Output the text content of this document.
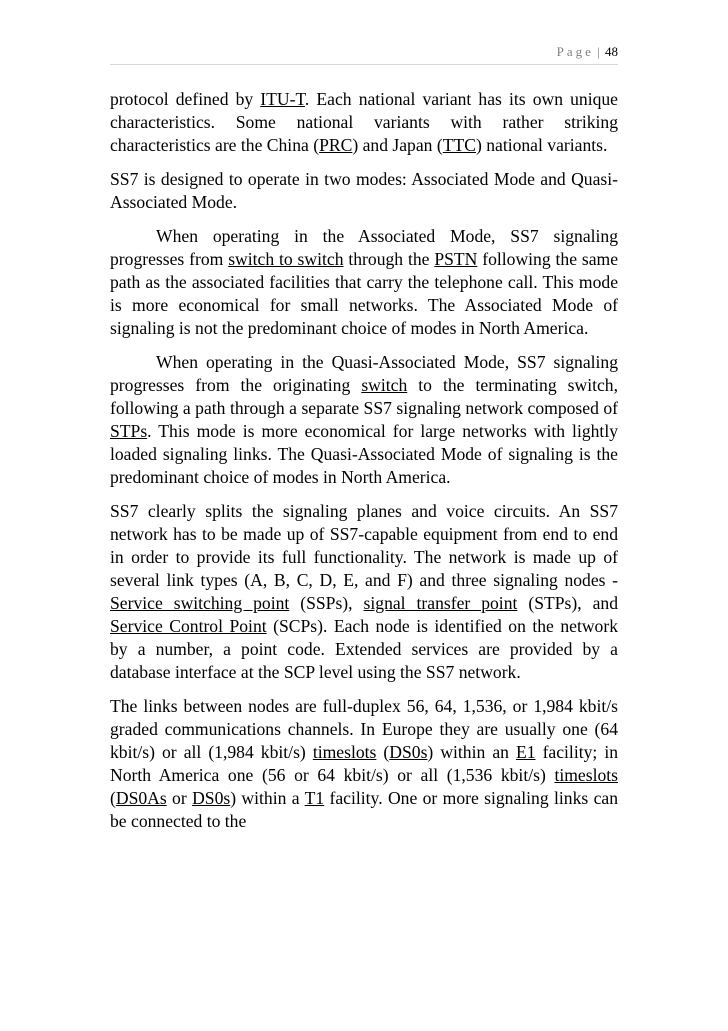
Page | 48

protocol defined by ITU-T. Each national variant has its own unique characteristics. Some national variants with rather striking characteristics are the China (PRC) and Japan (TTC) national variants.

SS7 is designed to operate in two modes: Associated Mode and Quasi-Associated Mode.

When operating in the Associated Mode, SS7 signaling progresses from switch to switch through the PSTN following the same path as the associated facilities that carry the telephone call. This mode is more economical for small networks. The Associated Mode of signaling is not the predominant choice of modes in North America.

When operating in the Quasi-Associated Mode, SS7 signaling progresses from the originating switch to the terminating switch, following a path through a separate SS7 signaling network composed of STPs. This mode is more economical for large networks with lightly loaded signaling links. The Quasi-Associated Mode of signaling is the predominant choice of modes in North America.

SS7 clearly splits the signaling planes and voice circuits. An SS7 network has to be made up of SS7-capable equipment from end to end in order to provide its full functionality. The network is made up of several link types (A, B, C, D, E, and F) and three signaling nodes - Service switching point (SSPs), signal transfer point (STPs), and Service Control Point (SCPs). Each node is identified on the network by a number, a point code. Extended services are provided by a database interface at the SCP level using the SS7 network.

The links between nodes are full-duplex 56, 64, 1,536, or 1,984 kbit/s graded communications channels. In Europe they are usually one (64 kbit/s) or all (1,984 kbit/s) timeslots (DS0s) within an E1 facility; in North America one (56 or 64 kbit/s) or all (1,536 kbit/s) timeslots (DS0As or DS0s) within a T1 facility. One or more signaling links can be connected to the
